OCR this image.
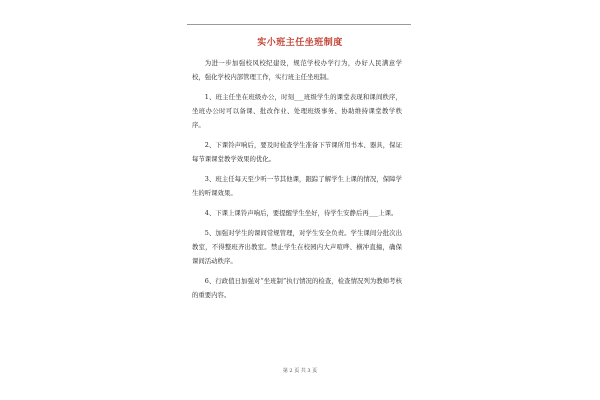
实小班主任坐班制度

为进一步加强校风校纪建设，规范学校办学行为，办好人民满意学校，强化学校内部管理工作，实行班主任坐班制。

1、班主任坐在班级办公，时刻___班级学生的课堂表现和课间秩序，坐班办公时可以备课、批改作业、处理班级事务、协助维持课堂教学秩序。

2、下课铃声响后，要及时检查学生准备下节课所用书本、器具，保证每节课课堂教学效果的优化。

3、班主任每天至少听一节其他课，跟踪了解学生上课的情况，保障学生的听课效果。

4、下课上课铃声响后，要提醒学生坐好，待学生安静后再___上课。

5、加强对学生的课间常规管理，对学生安全负责。学生课间分批次出教室，不得整班齐出教室。禁止学生在校园内大声喧哗、横冲直撞，确保课间活动秩序。

6、行政值日加强对“坐班制”执行情况的检查，检查情况列为教师考核的重要内容。

第 2 页 共 3 页
